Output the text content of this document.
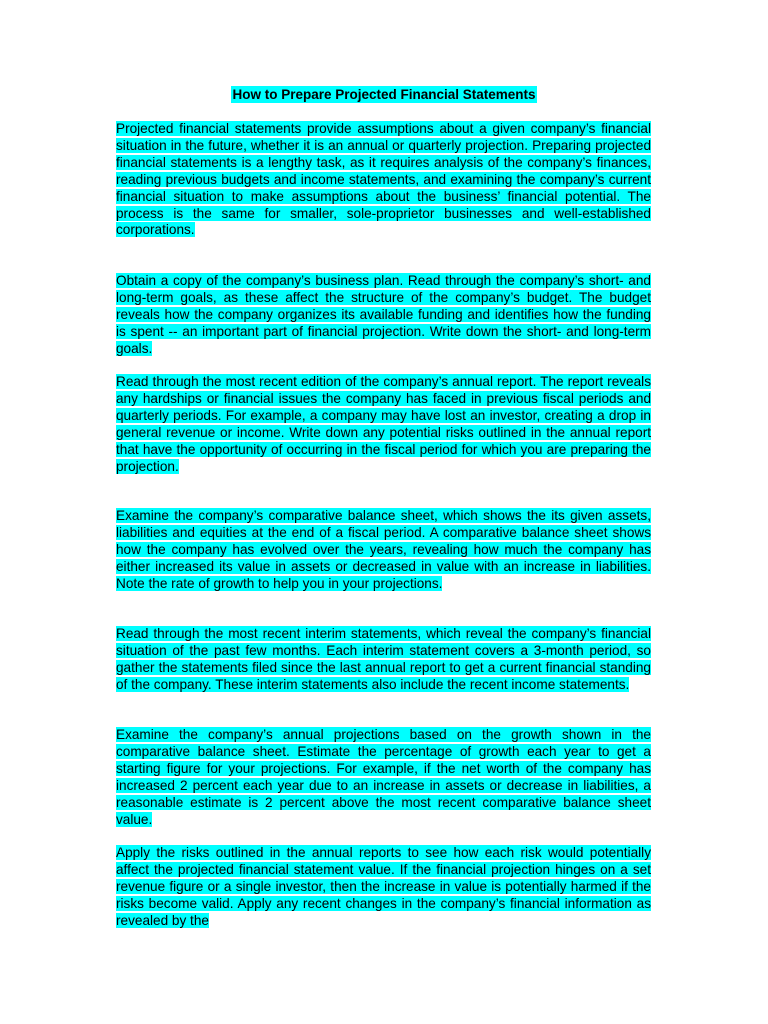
How to Prepare Projected Financial Statements

Projected financial statements provide assumptions about a given company’s financial situation in the future, whether it is an annual or quarterly projection. Preparing projected financial statements is a lengthy task, as it requires analysis of the company’s finances, reading previous budgets and income statements, and examining the company’s current financial situation to make assumptions about the business’ financial potential. The process is the same for smaller, sole-proprietor businesses and well-established corporations.

Obtain a copy of the company’s business plan. Read through the company’s short- and long-term goals, as these affect the structure of the company’s budget. The budget reveals how the company organizes its available funding and identifies how the funding is spent -- an important part of financial projection. Write down the short- and long-term goals.

Read through the most recent edition of the company’s annual report. The report reveals any hardships or financial issues the company has faced in previous fiscal periods and quarterly periods. For example, a company may have lost an investor, creating a drop in general revenue or income. Write down any potential risks outlined in the annual report that have the opportunity of occurring in the fiscal period for which you are preparing the projection.

Examine the company’s comparative balance sheet, which shows the its given assets, liabilities and equities at the end of a fiscal period. A comparative balance sheet shows how the company has evolved over the years, revealing how much the company has either increased its value in assets or decreased in value with an increase in liabilities. Note the rate of growth to help you in your projections.

Read through the most recent interim statements, which reveal the company’s financial situation of the past few months. Each interim statement covers a 3-month period, so gather the statements filed since the last annual report to get a current financial standing of the company. These interim statements also include the recent income statements.

Examine the company’s annual projections based on the growth shown in the comparative balance sheet. Estimate the percentage of growth each year to get a starting figure for your projections. For example, if the net worth of the company has increased 2 percent each year due to an increase in assets or decrease in liabilities, a reasonable estimate is 2 percent above the most recent comparative balance sheet value.

Apply the risks outlined in the annual reports to see how each risk would potentially affect the projected financial statement value. If the financial projection hinges on a set revenue figure or a single investor, then the increase in value is potentially harmed if the risks become valid. Apply any recent changes in the company’s financial information as revealed by the
